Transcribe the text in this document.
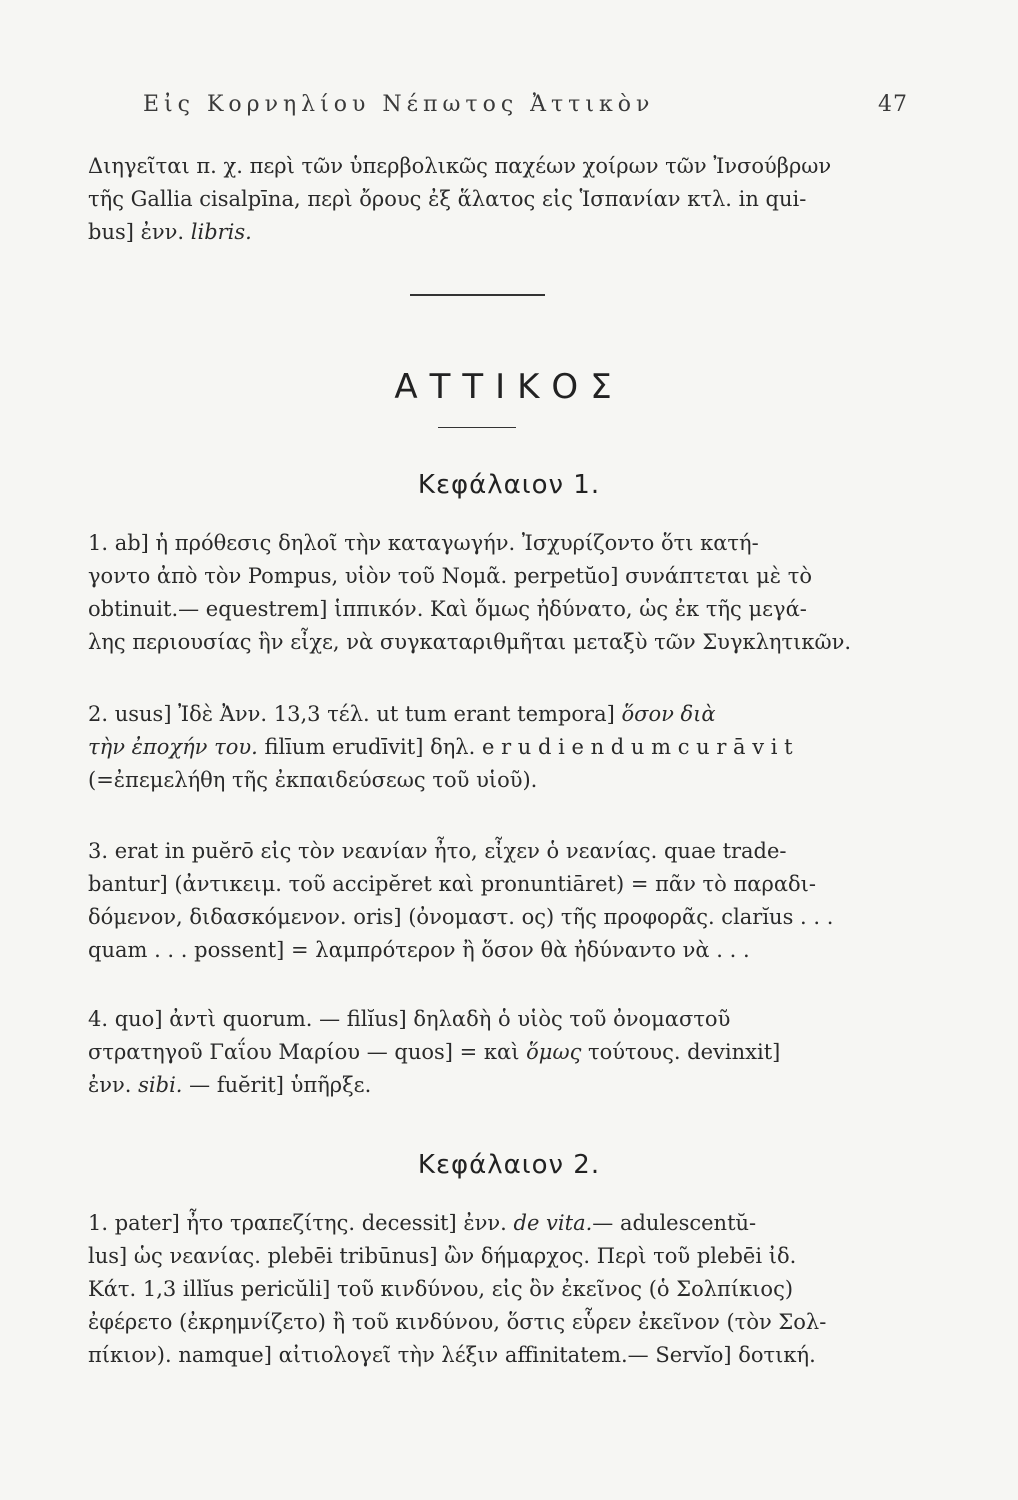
Εἰς Κορνηλίου Νέπωτος Ἀττικὸν	47

Διηγεῖται π. χ. περὶ τῶν ὑπερβολικῶς παχέων χοίρων τῶν Ἰνσούβρων

τῆς Gallia cisalpīna, περὶ ὄρους ἐξ ἅλατος εἰς Ἱσπανίαν κτλ. in qui-

bus] ἐνν. libris.

ΑΤΤΙΚΟΣ
Κεφάλαιον 1.

1. ab] ἡ πρόθεσις δηλοῖ τὴν καταγωγήν. Ἰσχυρίζοντο ὅτι κατή-

γοντο ἀπὸ τὸν Pompus, υἱὸν τοῦ Νομᾶ. perpetŭo] συνάπτεται μὲ τὸ

obtinuit.— equestrem] ἱππικόν. Καὶ ὅμως ἠδύνατο, ὡς ἐκ τῆς μεγά-

λης περιουσίας ἣν εἶχε, νὰ συγκαταριθμῆται μεταξὺ τῶν Συγκλητικῶν.

2. usus] Ἰδὲ Ἀνν. 13,3 τέλ. ut tum erant tempora] ὅσον διὰ

τὴν ἐποχήν του. filīum erudīvit] δηλ. e r u d i e n d u m c u r ā v i t

(=ἐπεμελήθη τῆς ἐκπαιδεύσεως τοῦ υἱοῦ).

3. erat in puĕrō εἰς τὸν νεανίαν ἦτο, εἶχεν ὁ νεανίας. quae trade-

bantur] (ἀντικειμ. τοῦ accipĕret καὶ pronuntiāret) = πᾶν τὸ παραδι-

δόμενον, διδασκόμενον. oris] (ὀνομαστ. ος) τῆς προφορᾶς. clarĭus . . .

quam . . . possent] = λαμπρότερον ἢ ὅσον θὰ ἠδύναντο νὰ . . .

4. quo] ἀντὶ quorum. — filĭus] δηλαδὴ ὁ υἱὸς τοῦ ὀνομαστοῦ

στρατηγοῦ Γαΐου Μαρίου — quos] = καὶ ὅμως τούτους. devinxit]

ἐνν. sibi. — fuĕrit] ὑπῆρξε.

Κεφάλαιον 2.

1. pater] ἦτο τραπεζίτης. decessit] ἐνν. de vita.— adulescentŭ-

lus] ὡς νεανίας. plebēi tribūnus] ὢν δήμαρχος. Περὶ τοῦ plebēi ἰδ.

Κάτ. 1,3 illĭus pericŭli] τοῦ κινδύνου, εἰς ὃν ἐκεῖνος (ὁ Σολπίκιος)

ἐφέρετο (ἐκρημνίζετο) ἢ τοῦ κινδύνου, ὅστις εὗρεν ἐκεῖνον (τὸν Σολ-

πίκιον). namque] αἰτιολογεῖ τὴν λέξιν affinitatem.— Servĭo] δοτική.
